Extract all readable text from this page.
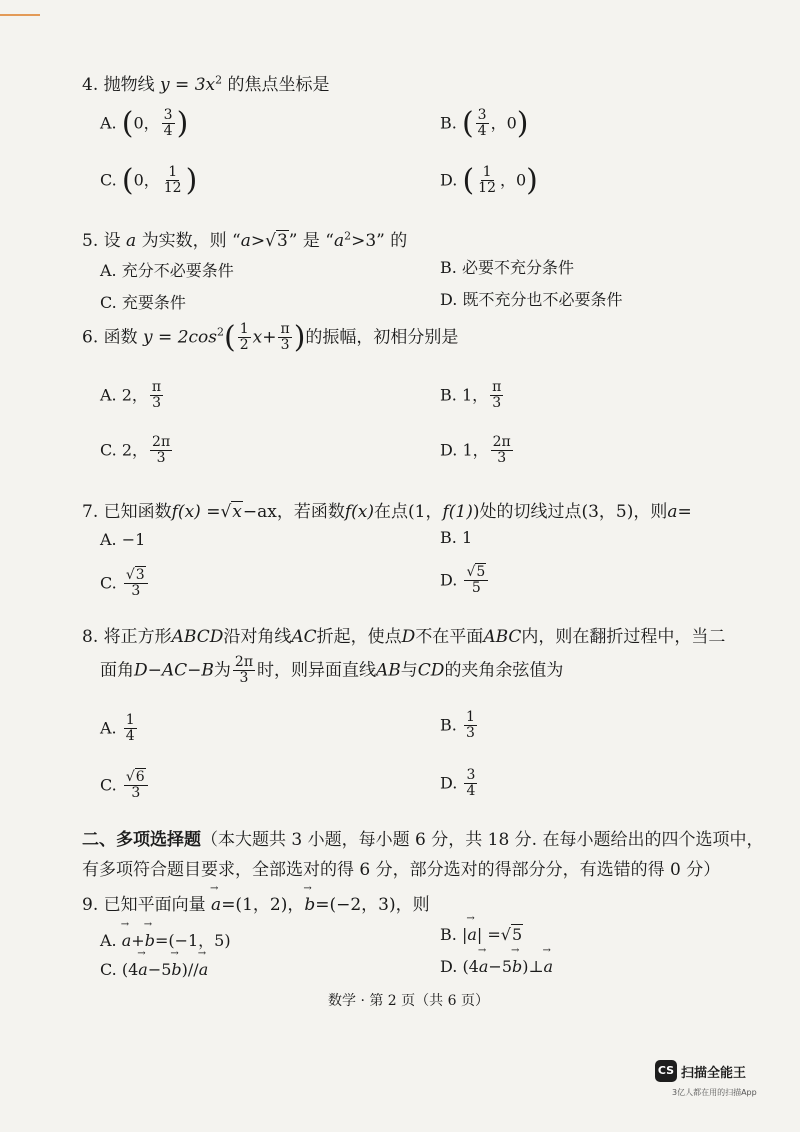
4. 抛物线 $y = 3x^2$ 的焦点坐标是
A. (0， $\frac{3}{4}$ )	B. ( $\frac{3}{4}$ ，0)
C. (0， $\frac{1}{12}$ )	D. ( $\frac{1}{12}$ ，0)
5. 设 a 为实数，则 “a>√3” 是 “$a^2>3$” 的
A. 充分不必要条件	B. 必要不充分条件
C. 充要条件	D. 既不充分也不必要条件
6. 函数 $y = 2\cos^2( \frac{1}{2} x+ \frac{\pi}{3}$ )的振幅，初相分别是
A. 2， $\frac{\pi}{3}$	B. 1， $\frac{\pi}{3}$
C. 2， $\frac{2\pi}{3}$	D. 1， $\frac{2\pi}{3}$
7. 已知函数f(x) =√x−ax，若函数f(x)在点(1，f(1))处的切线过点(3，5)，则a=
A. −1	B. 1
C. $\frac{√3}{3}$	D. $\frac{√5}{5}$
8. 将正方形ABCD沿对角线AC折起，使点D不在平面ABC内，则在翻折过程中，当二
面角D−AC−B为 $\frac{2\pi}{3}$ 时，则异面直线AB与CD的夹角余弦值为
A. $\frac{1}{4}$	B. $\frac{1}{3}$
C. $\frac{√6}{3}$	D. $\frac{3}{4}$
二、多项选择题（本大题共 3 小题，每小题 6 分，共 18 分. 在每小题给出的四个选项中，
有多项符合题目要求，全部选对的得 6 分，部分选对的得部分分，有选错的得 0 分）
9. 已知平面向量 → a=(1，2)，→ b=(−2，3)，则
A. → a+→ b=(−1，5)	B. |→ a| =√5
C. (4→ a−5→ b)//→ a	D. (4→ a−5→ b)⊥→ a
数学 · 第 2 页（共 6 页）
CS 扫描全能王
3亿人都在用的扫描App
